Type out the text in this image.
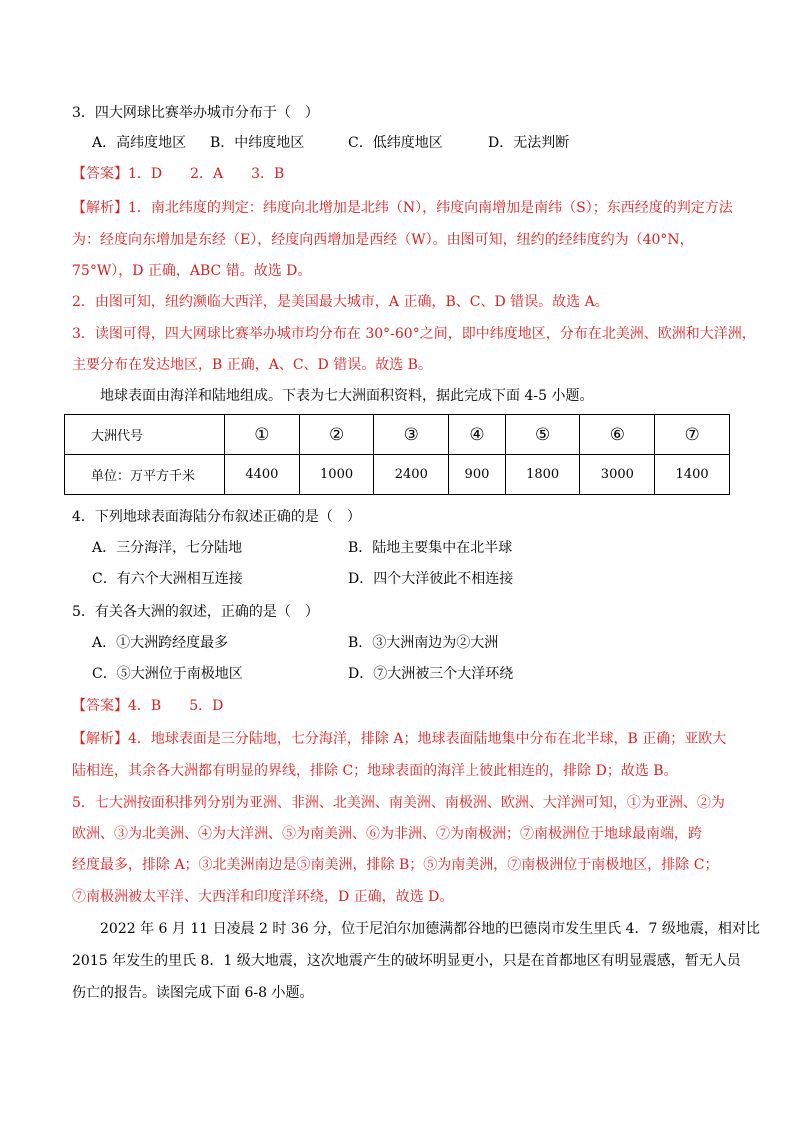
3．四大网球比赛举办城市分布于（　）
A．高纬度地区 B．中纬度地区	C．低纬度地区	D．无法判断
【答案】1．D　　2．A　　3．B
【解析】1．南北纬度的判定：纬度向北增加是北纬（N），纬度向南增加是南纬（S）；东西经度的判定方法
为：经度向东增加是东经（E），经度向西增加是西经（W）。由图可知，纽约的经纬度约为（40°N，
75°W），D 正确，ABC 错。故选 D。
2．由图可知，纽约濒临大西洋，是美国最大城市，A 正确，B、C、D 错误。故选 A。
3．读图可得，四大网球比赛举办城市均分布在 30°-60°之间，即中纬度地区，分布在北美洲、欧洲和大洋洲，
主要分布在发达地区，B 正确，A、C、D 错误。故选 B。
地球表面由海洋和陆地组成。下表为七大洲面积资料，据此完成下面 4-5 小题。
大洲代号	①	②	③	④	⑤	⑥	⑦
单位：万平方千米	4400	1000	2400	900	1800	3000	1400
4．下列地球表面海陆分布叙述正确的是（　）
A．三分海洋，七分陆地	B．陆地主要集中在北半球
C．有六个大洲相互连接	D．四个大洋彼此不相连接
5．有关各大洲的叙述，正确的是（　）
A．①大洲跨经度最多	B．③大洲南边为②大洲
C．⑤大洲位于南极地区	D．⑦大洲被三个大洋环绕
【答案】4．B　　5．D
【解析】4．地球表面是三分陆地，七分海洋，排除 A；地球表面陆地集中分布在北半球，B 正确；亚欧大
陆相连，其余各大洲都有明显的界线，排除 C；地球表面的海洋上彼此相连的，排除 D；故选 B。
5．七大洲按面积排列分别为亚洲、非洲、北美洲、南美洲、南极洲、欧洲、大洋洲可知，①为亚洲、②为
欧洲、③为北美洲、④为大洋洲、⑤为南美洲、⑥为非洲、⑦为南极洲；⑦南极洲位于地球最南端，跨
经度最多，排除 A；③北美洲南边是⑤南美洲，排除 B；⑤为南美洲，⑦南极洲位于南极地区，排除 C；
⑦南极洲被太平洋、大西洋和印度洋环绕，D 正确，故选 D。
2022 年 6 月 11 日凌晨 2 时 36 分，位于尼泊尔加德满都谷地的巴德岗市发生里氏 4．7 级地震，相对比
2015 年发生的里氏 8．1 级大地震，这次地震产生的破坏明显更小，只是在首都地区有明显震感，暂无人员
伤亡的报告。读图完成下面 6-8 小题。
